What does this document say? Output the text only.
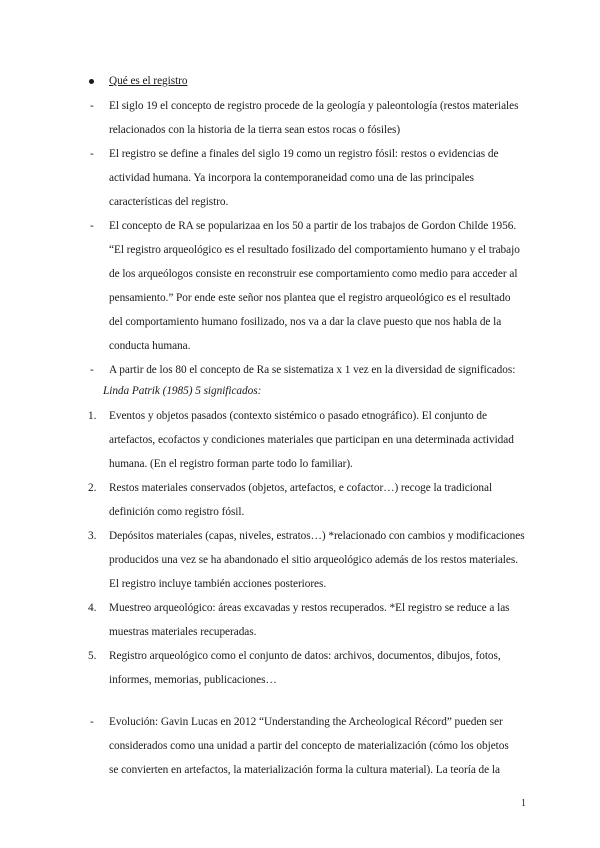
Qué es el registro
- El siglo 19 el concepto de registro procede de la geología y paleontología (restos materiales
relacionados con la historia de la tierra sean estos rocas o fósiles)
- El registro se define a finales del siglo 19 como un registro fósil: restos o evidencias de
actividad humana. Ya incorpora la contemporaneidad como una de las principales
características del registro.
- El concepto de RA se popularizaa en los 50 a partir de los trabajos de Gordon Childe 1956.
“El registro arqueológico es el resultado fosilizado del comportamiento humano y el trabajo
de los arqueólogos consiste en reconstruir ese comportamiento como medio para acceder al
pensamiento.” Por ende este señor nos plantea que el registro arqueológico es el resultado
del comportamiento humano fosilizado, nos va a dar la clave puesto que nos habla de la
conducta humana.
- A partir de los 80 el concepto de Ra se sistematiza x 1 vez en la diversidad de significados:
Linda Patrik (1985) 5 significados:
1. Eventos y objetos pasados (contexto sistémico o pasado etnográfico). El conjunto de
artefactos, ecofactos y condiciones materiales que participan en una determinada actividad
humana. (En el registro forman parte todo lo familiar).
2. Restos materiales conservados (objetos, artefactos, e cofactor…) recoge la tradicional
definición como registro fósil.
3. Depósitos materiales (capas, niveles, estratos…) *relacionado con cambios y modificaciones
producidos una vez se ha abandonado el sitio arqueológico además de los restos materiales.
El registro incluye también acciones posteriores.
4. Muestreo arqueológico: áreas excavadas y restos recuperados. *El registro se reduce a las
muestras materiales recuperadas.
5. Registro arqueológico como el conjunto de datos: archivos, documentos, dibujos, fotos,
informes, memorias, publicaciones…
- Evolución: Gavin Lucas en 2012 “Understanding the Archeological Récord” pueden ser
considerados como una unidad a partir del concepto de materialización (cómo los objetos
se convierten en artefactos, la materialización forma la cultura material). La teoría de la
1
